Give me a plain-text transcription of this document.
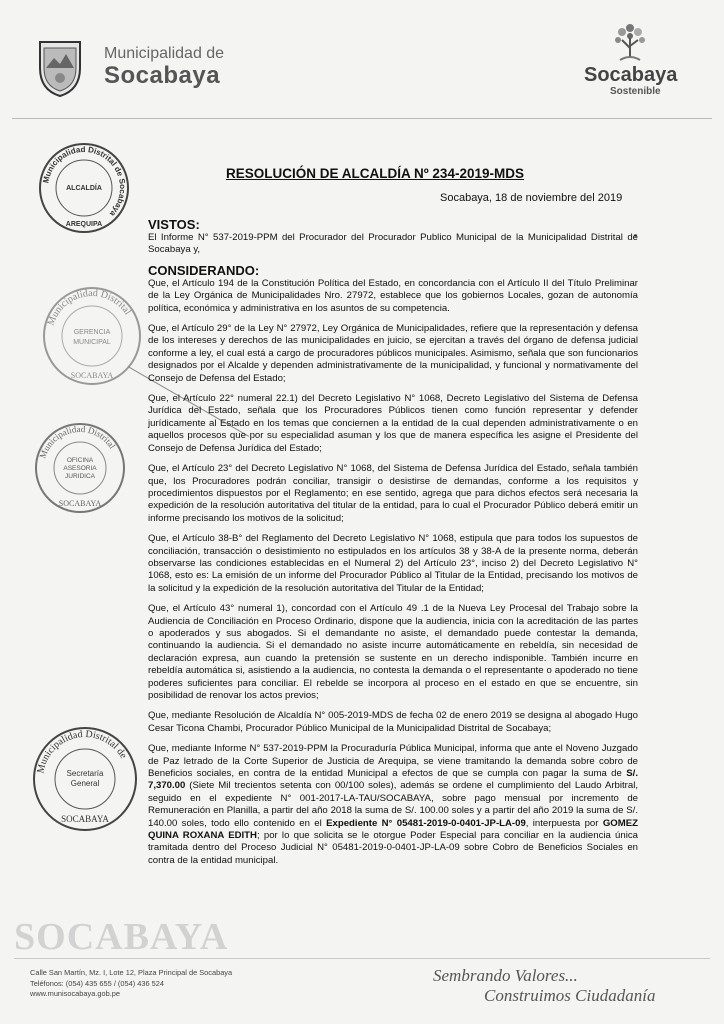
Municipalidad de
Socabaya	Socabaya
Sostenible
Municipalidad Distrital de Socabaya
ALCALDÍA
AREQUIPA
Municipalidad Distrital
GERENCIA
MUNICIPAL
SOCABAYA
Municipalidad Distrital
OFICINA
ASESORIA
JURIDICA
SOCABAYA
Municipalidad Distrital de
Secretaría
General
SOCABAYA
RESOLUCIÓN DE ALCALDÍA Nº 234-2019-MDS
Socabaya, 18 de noviembre del 2019
VISTOS:

El Informe N° 537-2019-PPM del Procurador del Procurador Publico Municipal de la Municipalidad Distrital de Socabaya y,

CONSIDERANDO:

Que, el Artículo 194 de la Constitución Política del Estado, en concordancia con el Artículo II del Título Preliminar de la Ley Orgánica de Municipalidades Nro. 27972, establece que los gobiernos Locales, gozan de autonomía política, económica y administrativa en los asuntos de su competencia.

Que, el Artículo 29° de la Ley N° 27972, Ley Orgánica de Municipalidades, refiere que la representación y defensa de los intereses y derechos de las municipalidades en juicio, se ejercitan a través del órgano de defensa judicial conforme a ley, el cual está a cargo de procuradores públicos municipales. Asimismo, señala que son funcionarios designados por el Alcalde y dependen administrativamente de la municipalidad, y funcional y normativamente del Consejo de Defensa del Estado;

Que, el Artículo 22° numeral 22.1) del Decreto Legislativo N° 1068, Decreto Legislativo del Sistema de Defensa Jurídica del Estado, señala que los Procuradores Públicos tienen como función representar y defender jurídicamente al Estado en los temas que conciernen a la entidad de la cual dependen administrativamente o en aquellos procesos que por su especialidad asuman y los que de manera específica les asigne el Presidente del Consejo de Defensa Jurídica del Estado;

Que, el Artículo 23° del Decreto Legislativo N° 1068, del Sistema de Defensa Jurídica del Estado, señala también que, los Procuradores podrán conciliar, transigir o desistirse de demandas, conforme a los requisitos y procedimientos dispuestos por el Reglamento; en ese sentido, agrega que para dichos efectos será necesaria la expedición de la resolución autoritativa del titular de la entidad, para lo cual el Procurador Público deberá emitir un informe precisando los motivos de la solicitud;

Que, el Artículo 38-B° del Reglamento del Decreto Legislativo N° 1068, estipula que para todos los supuestos de conciliación, transacción o desistimiento no estipulados en los artículos 38 y 38-A de la presente norma, deberán observarse las condiciones establecidas en el Numeral 2) del Artículo 23°, inciso 2) del Decreto Legislativo N° 1068, esto es: La emisión de un informe del Procurador Público al Titular de la Entidad, precisando los motivos de la solicitud y la expedición de la resolución autoritativa del Titular de la Entidad;

Que, el Artículo 43° numeral 1), concordad con el Artículo 49 .1 de la Nueva Ley Procesal del Trabajo sobre la Audiencia de Conciliación en Proceso Ordinario, dispone que la audiencia, inicia con la acreditación de las partes o apoderados y sus abogados. Si el demandante no asiste, el demandado puede contestar la demanda, continuando la audiencia. Si el demandado no asiste incurre automáticamente en rebeldía, sin necesidad de declaración expresa, aun cuando la pretensión se sustente en un derecho indisponible. También incurre en rebeldía automática si, asistiendo a la audiencia, no contesta la demanda o el representante o apoderado no tiene poderes suficientes para conciliar. El rebelde se incorpora al proceso en el estado en que se encuentre, sin posibilidad de renovar los actos previos;

Que, mediante Resolución de Alcaldía N° 005-2019-MDS de fecha 02 de enero 2019 se designa al abogado Hugo Cesar Ticona Chambi, Procurador Público Municipal de la Municipalidad Distrital de Socabaya;

Que, mediante Informe N° 537-2019-PPM la Procuraduría Pública Municipal, informa que ante el Noveno Juzgado de Paz letrado de la Corte Superior de Justicia de Arequipa, se viene tramitando la demanda sobre cobro de Beneficios sociales, en contra de la entidad Municipal a efectos de que se cumpla con pagar la suma de S/. 7,370.00 (Siete Mil trecientos setenta con 00/100 soles), además se ordene el cumplimiento del Laudo Arbitral, seguido en el expediente N° 001-2017-LA-TAU/SOCABAYA, sobre pago mensual por incremento de Remuneración en Planilla, a partir del año 2018 la suma de S/. 100.00 soles y a partir del año 2019 la suma de S/. 140.00 soles, todo ello contenido en el Expediente N° 05481-2019-0-0401-JP-LA-09, interpuesta por GOMEZ QUINA ROXANA EDITH; por lo que solicita se le otorgue Poder Especial para conciliar en la audiencia única tramitada dentro del Proceso Judicial N° 05481-2019-0-0401-JP-LA-09 sobre Cobro de Beneficios Sociales en contra de la entidad municipal.

SOCABAYA
Calle San Martín, Mz. I, Lote 12, Plaza Principal de Socabaya
Teléfonos: (054) 435 655 / (054) 436 524
www.munisocabaya.gob.pe
Sembrando Valores...
Construimos Ciudadanía
